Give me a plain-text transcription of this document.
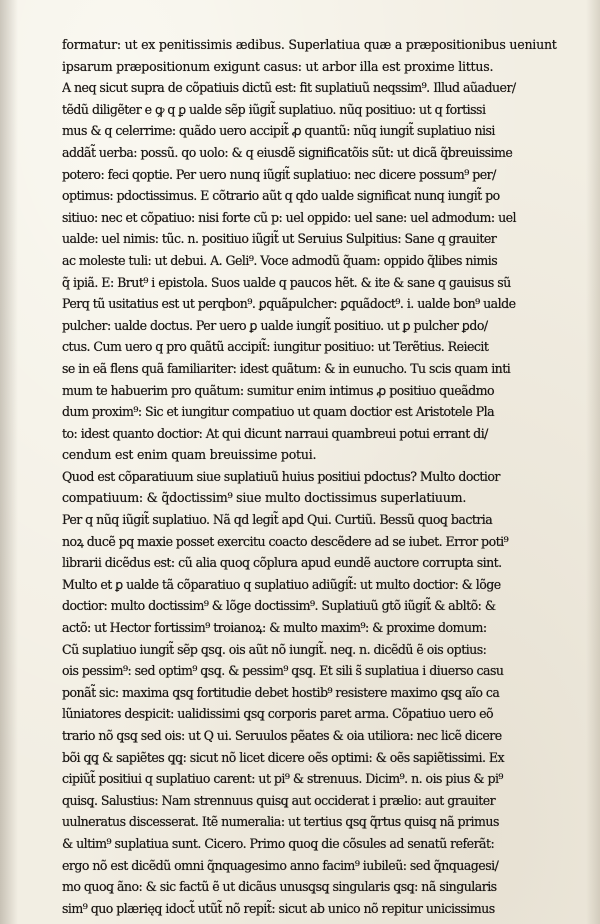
formatur: ut ex penitissimis ædibus. Superlatiua quæ a præpositionibus ueniunt
ipsarum præpositionum exigunt casus: ut arbor illa est proxime littus.
A neq sicut supra de cõpatiuis dictũ est: fit suplatiuũ neqssim⁹. Illud aũaduer/
tẽdũ diligẽter e ꝙ q ꝑ ualde sẽp iũgit̃ suplatiuo. nũq positiuo: ut q fortissi
mus & q celerrime: quãdo uero accipit̃ ꝓ quantũ: nũq iungit̃ suplatiuo nisi
addãt̃ uerba: possũ. qo uolo: & q eiusdẽ significatõis sũt: ut dicã q̃breuissime
potero: feci qoptie. Per uero nunq iũgit̃ suplatiuo: nec dicere possum⁹ per/
optimus: pdoctissimus. E cõtrario aũt q qdo ualde significat nunq iungit̃ po
sitiuo: nec et cõpatiuo: nisi forte cũ p: uel oppido: uel sane: uel admodum: uel
ualde: uel nimis: tũc. n. positiuo iũgit̃ ut Seruius Sulpitius: Sane q grauiter
ac moleste tuli: ut debui. A. Geli⁹. Voce admodũ q̃uam: oppido q̃libes nimis
q̃ ipiã. E: Brut⁹ i epistola. Suos ualde q paucos hẽt. & ite & sane q gauisus sũ
Perq tũ usitatius est ut perqbon⁹. ꝑquãpulcher: ꝑquãdoct⁹. i. ualde bon⁹ ualde
pulcher: ualde doctus. Per uero ꝑ ualde iungit̃ positiuo. ut ꝑ pulcher ꝑdo/
ctus. Cum uero q pro quãtũ accipit̃: iungitur positiuo: ut Terẽtius. Reiecit
se in eã flens quã familiariter: idest quãtum: & in eunucho. Tu scis quam inti
mum te habuerim pro quãtum: sumitur enim intimus ꝓ positiuo queãdmo
dum proxim⁹: Sic et iungitur compatiuo ut quam doctior est Aristotele Pla
to: idest quanto doctior: At qui dicunt narraui quambreui potui errant di/
cendum est enim quam breuissime potui.
Quod est cõparatiuum siue suplatiuũ huius positiui pdoctus? Multo doctior
compatiuum: & q̃doctissim⁹ siue multo doctissimus superlatiuum.
Per q nũq iũgit̃ suplatiuo. Nã qd legit̃ apd Qui. Curtiũ. Bessũ quoq̧ bactria
noꝝ ducẽ pq maxie posset exercitu coacto descẽdere ad se iubet. Error poti⁹
librarii dicẽdus est: cũ alia quoq̧ cõplura apud eundẽ auctore corrupta sint.
Multo et ꝑ ualde tã cõparatiuo q suplatiuo adiũgit̃: ut multo doctior: & lõge
doctior: multo doctissim⁹ & lõge doctissim⁹. Suplatiuũ gtõ iũgit̃ & abltõ: &
actõ: ut Hector fortissim⁹ troianoꝝ: & multo maxim⁹: & proxime domum:
Cũ suplatiuo iungit̃ sẽp q̧sq̧. ois aũt nõ iungit̃. neq̧. n. dicẽdũ ẽ ois optius:
ois pessim⁹: sed optim⁹ q̧sq̧. & pessim⁹ q̧sq̧. Et sili s̃ suplatiua i diuerso casu
ponãt̃ sic: maxima q̧sq̧ fortitudie debet hostib⁹ resistere maximo q̧sq̧ aĩo ca
lũniatores despicit: ualidissimi q̧sq̧ corporis paret arma. Cõpatiuo uero eõ
trario nõ q̧sq̧ sed ois: ut Q ui. Seruulos pẽates & oia utiliora: nec licẽ dicere
bõi q̧q̧ & sapiẽtes q̧q̧: sicut nõ licet dicere oẽs optimi: & oẽs sapiẽtissimi. Ex
cipiũt̃ positiui q suplatiuo carent: ut pi⁹ & strenuus. Dicim⁹. n. ois pius & pi⁹
quisq̧. Salustius: Nam strennuus quisq̧ aut occiderat i prælio: aut grauiter
uulneratus discesserat. Itẽ numeralia: ut tertius q̧sq̧ q̃rtus quisq̧ nã primus
& ultim⁹ suplatiua sunt. Cicero. Primo quoq̧ die cõsules ad senatũ referãt:
ergo nõ est dicẽdũ omni q̃nquagesimo anno facim⁹ iubileũ: sed q̃nquagesi/
mo quoq̧ ãno: & sic factũ ẽ ut dicãus unusq̧sq̧ singularis q̧sq̧: nã singularis
sim⁹ quo plærięq̧ idoct̃ utũt̃ nõ repit̃: sicut ab unico nõ repitur unicissimus
